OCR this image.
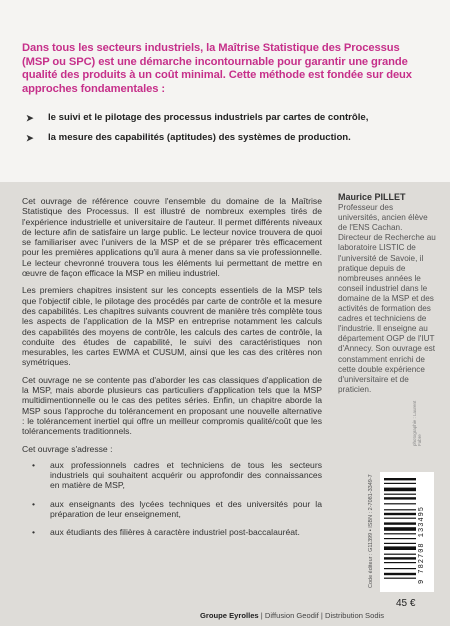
Dans tous les secteurs industriels, la Maîtrise Statistique des Processus (MSP ou SPC) est une démarche incontournable pour garantir une grande qualité des produits à un coût minimal. Cette méthode est fondée sur deux approches fondamentales :
➤ le suivi et le pilotage des processus industriels par cartes de contrôle,
➤ la mesure des capabilités (aptitudes) des systèmes de production.

Cet ouvrage de référence couvre l'ensemble du domaine de la Maîtrise Statistique des Processus. Il est illustré de nombreux exemples tirés de l'expérience industrielle et universitaire de l'auteur. Il permet différents niveaux de lecture afin de satisfaire un large public. Le lecteur novice trouvera de quoi se familiariser avec l'univers de la MSP et de se préparer très efficacement pour les premières applications qu'il aura à mener dans sa vie professionnelle. Le lecteur chevronné trouvera tous les éléments lui permettant de mettre en œuvre de façon efficace la MSP en milieu industriel.

Les premiers chapitres insistent sur les concepts essentiels de la MSP tels que l'objectif cible, le pilotage des procédés par carte de contrôle et la mesure des capabilités. Les chapitres suivants couvrent de manière très complète tous les aspects de l'application de la MSP en entreprise notamment les calculs des capabilités des moyens de contrôle, les calculs des cartes de contrôle, la conduite des études de capabilité, le suivi des caractéristiques non mesurables, les cartes EWMA et CUSUM, ainsi que les cas des critères non symétriques.

Cet ouvrage ne se contente pas d'aborder les cas classiques d'application de la MSP, mais aborde plusieurs cas particuliers d'application tels que la MSP multidimentionnelle ou le cas des petites séries. Enfin, un chapitre aborde la MSP sous l'approche du tolérancement en proposant une nouvelle alternative : le tolérancement inertiel qui offre un meilleur compromis qualité/coût que les tolérancements traditionnels.

Cet ouvrage s'adresse :

• aux professionnels cadres et techniciens de tous les secteurs industriels qui souhaitent acquérir ou approfondir des connaissances en matière de MSP,
• aux enseignants des lycées techniques et des universités pour la préparation de leur enseignement,
• aux étudiants des filières à caractère industriel post-baccalauréat.
Maurice PILLET
Professeur des universités, ancien élève de l'ENS Cachan. Directeur de Recherche au laboratoire LISTIC de l'université de Savoie, il pratique depuis de nombreuses années le conseil industriel dans le domaine de la MSP et des activités de formation des cadres et techniciens de l'industrie. Il enseigne au département OGP de l'IUT d'Annecy. Son ouvrage est constamment enrichi de cette double expérience d'universitaire et de praticien.
photographie : Laurent Fabre
Code éditeur : G11399 • ISBN : 2-7081-3349-7	9 782708 133495
45 €
Groupe Eyrolles | Diffusion Geodif | Distribution Sodis
